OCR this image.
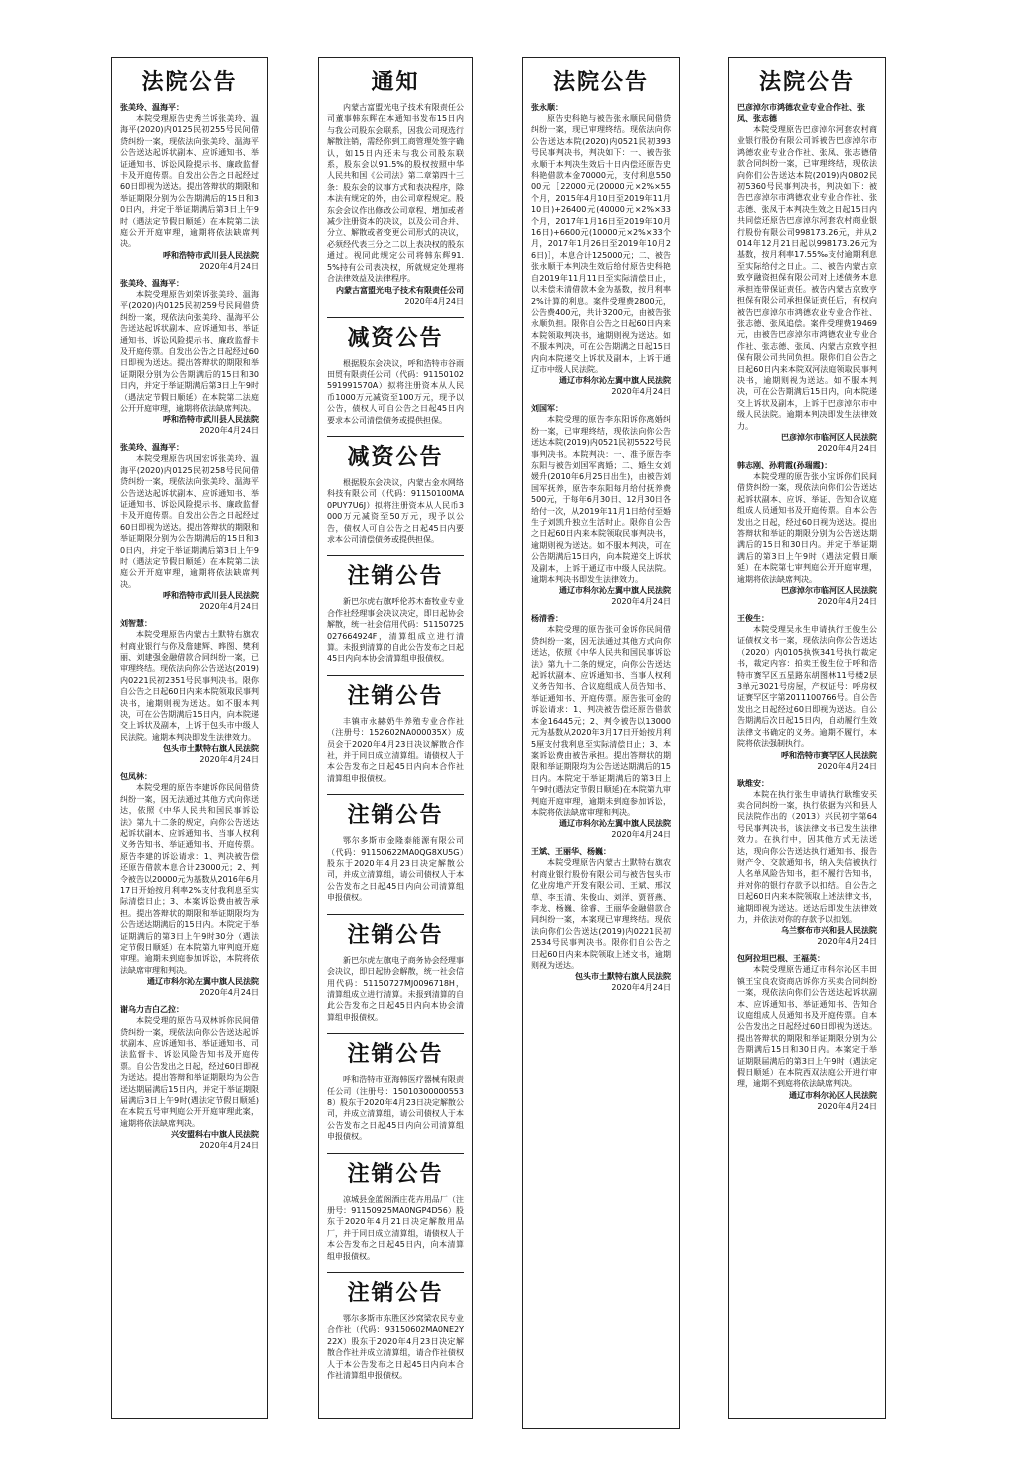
法院公告
张美玲、温海平：

本院受理原告史秀兰诉张美玲、温海平(2020)内0125民初255号民间借贷纠纷一案，现依法向张美玲、温海平公告送达起诉状副本、应诉通知书、举证通知书、诉讼风险提示书、廉政监督卡及开庭传票。自发出公告之日起经过60日即视为送达。提出答辩状的期限和举证期限分别为公告期满后的15日和30日内，并定于举证期满后第3日上午9时（遇法定节假日顺延）在本院第二法庭公开开庭审理，逾期将依法缺席判决。

呼和浩特市武川县人民法院
2020年4月24日
张美玲、温海平：

本院受理原告刘荣诉张美玲、温海平(2020)内0125民初259号民间借贷纠纷一案，现依法向张美玲、温海平公告送达起诉状副本、应诉通知书、举证通知书、诉讼风险提示书、廉政监督卡及开庭传票。自发出公告之日起经过60日即视为送达。提出答辩状的期限和举证期限分别为公告期满后的15日和30日内，并定于举证期满后第3日上午9时（遇法定节假日顺延）在本院第二法庭公开开庭审理，逾期将依法缺席判决。

呼和浩特市武川县人民法院
2020年4月24日
张美玲、温海平：

本院受理原告巩国宏诉张美玲、温海平(2020)内0125民初258号民间借贷纠纷一案，现依法向张美玲、温海平公告送达起诉状副本、应诉通知书、举证通知书、诉讼风险提示书、廉政监督卡及开庭传票。自发出公告之日起经过60日即视为送达。提出答辩状的期限和举证期限分别为公告期满后的15日和30日内，并定于举证期满后第3日上午9时（遇法定节假日顺延）在本院第二法庭公开开庭审理，逾期将依法缺席判决。

呼和浩特市武川县人民法院
2020年4月24日
刘智慧：

本院受理原告内蒙古土默特右旗农村商业银行与你及詹建辉、晔图、樊利丽、刘建强金融借款合同纠纷一案，已审理终结。现依法向你公告送达(2019)内0221民初2351号民事判决书。限你自公告之日起60日内来本院领取民事判决书，逾期则视为送达。如不服本判决，可在公告期满后15日内，向本院递交上诉状及副本，上诉于包头市中级人民法院。逾期本判决即发生法律效力。

包头市土默特右旗人民法院
2020年4月24日
包凤林：

本院受理的原告李建诉你民间借贷纠纷一案，因无法通过其他方式向你送达，依照《中华人民共和国民事诉讼法》第九十二条的规定，向你公告送达起诉状副本、应诉通知书、当事人权利义务告知书、举证通知书、开庭传票。原告李建的诉讼请求：1、判决被告偿还原告借款本息合计23000元；2、判令被告以20000元为基数从2016年6月17日开始按月利率2%支付我利息至实际清偿日止；3、本案诉讼费由被告承担。提出答辩状的期限和举证期限均为公告送达期满后的15日内。本院定于举证期满后的第3日上午9时30分（遇法定节假日顺延）在本院第九审判庭开庭审理。逾期未到庭参加诉讼，本院将依法缺席审理和判决。

通辽市科尔沁左翼中旗人民法院
2020年4月24日
谢乌力吉白乙拉：

本院受理的原告马双林诉你民间借贷纠纷一案，现依法向你公告送达起诉状副本、应诉通知书、举证通知书、司法监督卡、诉讼风险告知书及开庭传票。自公告发出之日起，经过60日即视为送达。提出答辩和举证期限均为公告送达期届满后15日内，并定于举证期限届满后3日上午9时(遇法定节假日顺延)在本院五号审判庭公开开庭审理此案，逾期将依法缺席判决。

兴安盟科右中旗人民法院
2020年4月24日
通知

内蒙古富盟光电子技术有限责任公司董事韩东辉在本通知书发布15日内与我公司股东会联系，因我公司现选行解散注销，需经你到工商管理处签字确认，如15日内还未与我公司股东联系，股东会以91.5%的股权按照中华人民共和国《公司法》第二章第四十三条：股东会的议事方式和表决程序，除本法有规定的外，由公司章程规定。股东会会议作出修改公司章程、增加或者减少注册资本的决议，以及公司合并、分立、解散或者变更公司形式的决议，必须经代表三分之二以上表决权的股东通过。视同此规定公司将韩东辉91.5%持有公司表决权，所就规定处理将合法律效益及法律程序。

内蒙古富盟光电子技术有限责任公司
2020年4月24日
减资公告

根据股东会决议，呼和浩特市谷雨田贸有限责任公司（代码：91150102591991570A）拟将注册资本从人民币1000万元减资至100万元，现予以公告，债权人可自公告之日起45日内要求本公司清偿债务或提供担保。

减资公告

根据股东会决议，内蒙古金水网络科技有限公司（代码：91150100MA0PUY7U6J）拟将注册资本从人民币3000万元减资至50万元，现予以公告，债权人可自公告之日起45日内要求本公司清偿债务或提供担保。

注销公告

新巴尔虎右旗呼伦苏木畜牧业专业合作社经理事会决议决定，即日起协会解散，统一社会信用代码：51150725027664924F，清算组成立进行清算。未报到清算的自此公告发布之日起45日内向本协会清算组申报债权。

注销公告

丰镇市永赫奶牛养殖专业合作社（注册号：152602NA000035X）成员会于2020年4月23日决议解散合作社，并于同日成立清算组。请债权人于本公告发布之日起45日内向本合作社清算组申报债权。

注销公告

鄂尔多斯市金隆泰能源有限公司（代码：91150622MA0QG8XU5G）股东于2020年4月23日决定解散公司，并成立清算组，请公司债权人于本公告发布之日起45日内向公司清算组申报债权。

注销公告

新巴尔虎左旗电子商务协会经理事会决议，即日起协会解散，统一社会信用代码：51150727MJ0096718H，清算组成立进行清算。未报到清算的自此公告发布之日起45日内向本协会清算组申报债权。

注销公告

呼和浩特市亚海韩医疗器械有限责任公司（注册号：150103000005538）股东于2020年4月23日决定解散公司，并成立清算组，请公司债权人于本公告发布之日起45日内向公司清算组申报债权。

注销公告

凉城县金蓝阁酒庄花卉用品厂（注册号：91150925MA0NGP4D56）股东于2020年4月21日决定解散用品厂，并于同日成立清算组，请债权人于本公告发布之日起45日内，向本清算组申报债权。

注销公告

鄂尔多斯市东胜区沙窝梁农民专业合作社（代码：93150602MA0NE2Y22X）股东于2020年4月23日决定解散合作社并成立清算组，请合作社债权人于本公告发布之日起45日内向本合作社清算组申报债权。

法院公告
张永顺：

原告史科艳与被告张永顺民间借贷纠纷一案，现已审理终结。现依法向你公告送达本院(2020)内0521民初393号民事判决书，判决如下：一、被告张永顺于本判决生效后十日内偿还原告史科艳借款本金70000元，支付利息55000元［22000元(20000元×2%×55个月，2015年4月10日至2019年11月10日)+26400元(40000元×2%×33个月，2017年1月16日至2019年10月16日)+6600元(10000元×2%×33个月，2017年1月26日至2019年10月26日)］，本息合计125000元；二、被告张永顺于本判决生效后给付原告史科艳自2019年11月11日至实际清偿日止，以未偿未清借款本金为基数，按月利率2%计算的利息。案件受理费2800元，公告费400元，共计3200元，由被告张永顺负担。限你自公告之日起60日内来本院领取判决书，逾期则视为送达。如不服本判决，可在公告期满之日起15日内向本院递交上诉状及副本，上诉于通辽市中级人民法院。

通辽市科尔沁左翼中旗人民法院
2020年4月24日
刘国军：

本院受理的原告李东阳诉你离婚纠纷一案，已审理终结，现依法向你公告送达本院(2019)内0521民初5522号民事判决书。本院判决：一、准予原告李东阳与被告刘国军离婚；二、婚生女刘媛升(2010年6月25日出生)，由被告刘国军抚养，原告李东阳每月给付抚养费500元，于每年6月30日、12月30日各给付一次，从2019年11月1日给付至婚生子刘凯升独立生活时止。限你自公告之日起60日内来本院领取民事判决书，逾期则视为送达。如不服本判决，可在公告期满后15日内，向本院递交上诉状及副本，上诉于通辽市中级人民法院。逾期本判决书即发生法律效力。

通辽市科尔沁左翼中旗人民法院
2020年4月24日
杨清香：

本院受理的原告张可金诉你民间借贷纠纷一案，因无法通过其他方式向你送达，依照《中华人民共和国民事诉讼法》第九十二条的规定，向你公告送达起诉状副本、应诉通知书、当事人权利义务告知书、合议庭组成人员告知书、举证通知书、开庭传票。原告张可金的诉讼请求：1、判决被告偿还原告借款本金16445元；2、判令被告以13000元为基数从2020年3月17日开始按月利5厘支付我利息至实际清偿日止；3、本案诉讼费由被告承担。提出答辩状的期限和举证期限均为公告送达期满后的15日内。本院定于举证期满后的第3日上午9时(遇法定节假日顺延)在本院第九审判庭开庭审理，逾期未到庭参加诉讼，本院将依法缺席审理和判决。

通辽市科尔沁左翼中旗人民法院
2020年4月24日
王斌、王丽华、杨巍：

本院受理原告内蒙古土默特右旗农村商业银行股份有限公司与被告包头市亿业房地产开发有限公司、王斌、邢汉草、李玉清、朱俊山、刘洋、贾晋燕、李龙、杨巍、徐睿、王丽华金融借款合同纠纷一案，本案现已审理终结。现依法向你们公告送达(2019)内0221民初2534号民事判决书。限你们自公告之日起60日内来本院领取上述文书，逾期则视为送达。

包头市土默特右旗人民法院
2020年4月24日
法院公告
巴彦淖尔市鸿德农业专业合作社、张凤、张志德

本院受理原告巴彦淖尔河套农村商业银行股份有限公司诉被告巴彦淖尔市鸿德农业专业合作社、张凤、张志德借款合同纠纷一案，已审理终结，现依法向你们公告送达本院(2019)内0802民初5360号民事判决书，判决如下：被告巴彦淖尔市鸿德农业专业合作社、张志德、张凤于本判决生效之日起15日内共同偿还原告巴彦淖尔河套农村商业银行股份有限公司998173.26元，并从2014年12月21日起以998173.26元为基数，按月利率17.55‰支付逾期利息至实际给付之日止。二、被告内蒙古京致亨融资担保有限公司对上述债务本息承担连带保证责任。被告内蒙古京致亨担保有限公司承担保证责任后，有权向被告巴彦淖尔市鸿德农业专业合作社、张志德、张凤追偿。案件受理费19469元，由被告巴彦淖尔市鸿德农业专业合作社、张志德、张凤、内蒙古京致亨担保有限公司共同负担。限你们自公告之日起60日内来本院双河法庭领取民事判决书，逾期则视为送达。如不服本判决，可在公告期满后15日内，向本院递交上诉状及副本，上诉于巴彦淖尔市中级人民法院。逾期本判决即发生法律效力。

巴彦淖尔市临河区人民法院
2020年4月24日
韩志刚、孙莉霞(孙瑞霞)：

本院受理的原告张小宝诉你们民间借贷纠纷一案，现依法向你们公告送达起诉状副本、应诉、举证、告知合议庭组成人员通知书及开庭传票。自本公告发出之日起，经过60日视为送达。提出答辩状和举证的期限分别为公告送达期满后的15日和30日内。并定于举证期满后的第3日上午9时（遇法定假日顺延）在本院第七审判庭公开开庭审理，逾期将依法缺席判决。

巴彦淖尔市临河区人民法院
2020年4月24日
王俊生：

本院受理吴永生申请执行王俊生公证债权文书一案，现依法向你公告送达（2020）内0105执恢341号执行裁定书，裁定内容：拍卖王俊生位于呼和浩特市赛罕区五星路东胡图林11号楼2层3单元3021号房屋，产权证号：呼房权证赛罕区字第2011100766号。自公告发出之日起经过60日即视为送达。自公告期满后次日起15日内，自动履行生效法律文书确定的义务。逾期不履行，本院将依法强制执行。

呼和浩特市赛罕区人民法院
2020年4月24日
耿维安：

本院在执行张生申请执行耿维安买卖合同纠纷一案，执行依据为兴和县人民法院作出的（2013）兴民初字第64号民事判决书，该法律文书已发生法律效力。在执行中，因其他方式无法送达，现向你公告送达执行通知书、报告财产令、交款通知书，纳入失信被执行人名单风险告知书，拒不履行告知书，并对你的银行存款予以扣结。自公告之日起60日内来本院领取上述法律文书，逾期即视为送达。送达后即发生法律效力，并依法对你的存款予以扣划。

乌兰察布市兴和县人民法院
2020年4月24日
包阿拉坦巴根、王福英：

本院受理原告通辽市科尔沁区丰田镇王宝良农资商店诉你方买卖合同纠纷一案，现依法向你们公告送达起诉状副本、应诉通知书、举证通知书、告知合议庭组成人员通知书及开庭传票。自本公告发出之日起经过60日即视为送达。提出答辩状的期限和举证期限分别为公告期满后15日和30日内。本案定于举证期限届满后的第3日上午9时（遇法定假日顺延）在本院西双法庭公开进行审理，逾期不到庭将依法缺席判决。

通辽市科尔沁区人民法院
2020年4月24日
